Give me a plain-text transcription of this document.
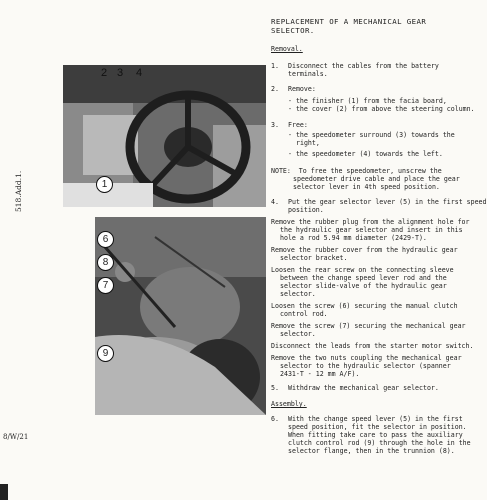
518.Add.1.
8/W/21
2 3 4
1
6
8
7
9
REPLACEMENT OF A MECHANICAL GEAR
SELECTOR.
Removal.
1. Disconnect the cables from the battery
terminals.
2. Remove:
- the finisher (1) from the facia board,
- the cover (2) from above the steering column.
3. Free:
- the speedometer surround (3) towards the
right,
- the speedometer (4) towards the left.
NOTE:  To free the speedometer, unscrew the
speedometer drive cable and place the gear
selector lever in 4th speed position.
4. Put the gear selector lever (5) in the first speed
position.
Remove the rubber plug from the alignment hole for
the hydraulic gear selector and insert in this
hole a rod 5.94 mm diameter (2429-T).
Remove the rubber cover from the hydraulic gear
selector bracket.
Loosen the rear screw on the connecting sleeve
between the change speed lever rod and the
selector slide-valve of the hydraulic gear
selector.
Loosen the screw (6) securing the manual clutch
control rod.
Remove the screw (7) securing the mechanical gear
selector.
Disconnect the leads from the starter motor switch.
Remove the two nuts coupling the mechanical gear
selector to the hydraulic selector (spanner
2431-T - 12 mm A/F).
5. Withdraw the mechanical gear selector.
Assembly.
6. With the change speed lever (5) in the first
speed position, fit the selector in position.
When fitting take care to pass the auxiliary
clutch control rod (9) through the hole in the
selector flange, then in the trunnion (8).
